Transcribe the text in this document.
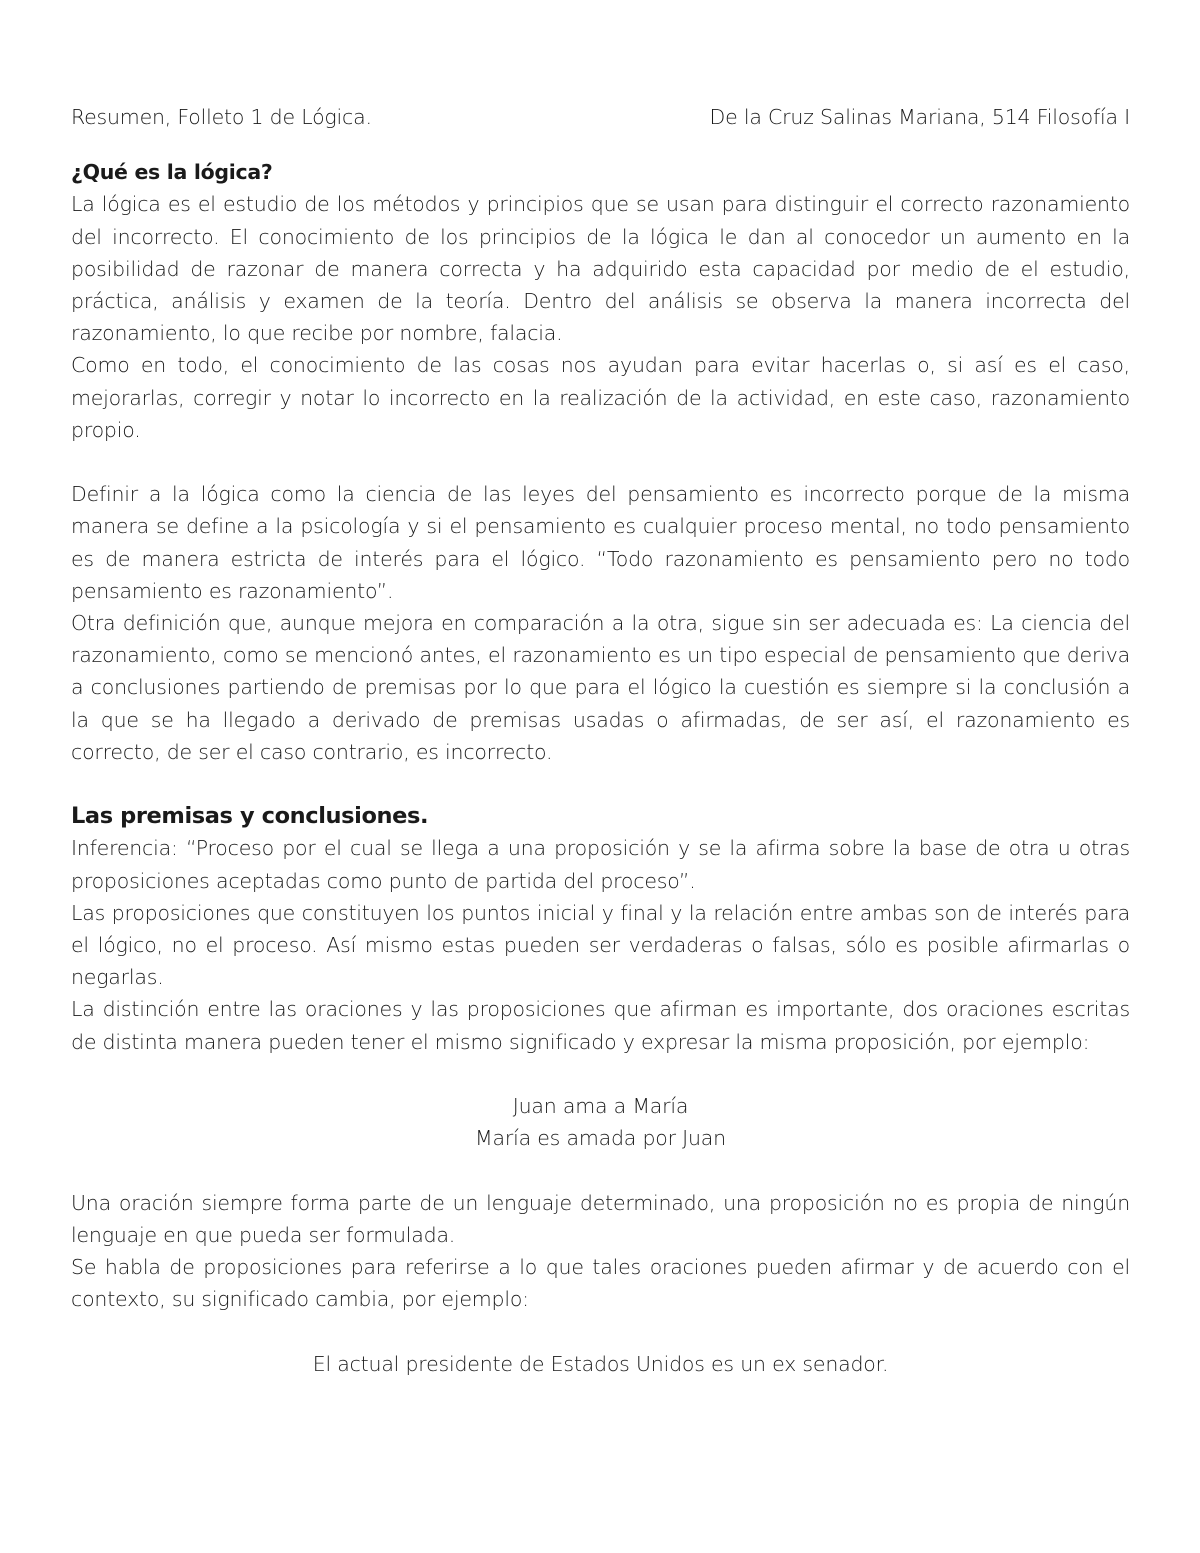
Resumen, Folleto 1 de Lógica.	De la Cruz Salinas Mariana, 514 Filosofía I
¿Qué es la lógica?

La lógica es el estudio de los métodos y principios que se usan para distinguir el correcto razonamiento del incorrecto. El conocimiento de los principios de la lógica le dan al conocedor un aumento en la posibilidad de razonar de manera correcta y ha adquirido esta capacidad por medio de el estudio, práctica, análisis y examen de la teoría. Dentro del análisis se observa la manera incorrecta del razonamiento, lo que recibe por nombre, falacia.

Como en todo, el conocimiento de las cosas nos ayudan para evitar hacerlas o, si así es el caso, mejorarlas, corregir y notar lo incorrecto en la realización de la actividad, en este caso, razonamiento propio.

Definir a la lógica como la ciencia de las leyes del pensamiento es incorrecto porque de la misma manera se define a la psicología y si el pensamiento es cualquier proceso mental, no todo pensamiento es de manera estricta de interés para el lógico. “Todo razonamiento es pensamiento pero no todo pensamiento es razonamiento”.

Otra definición que, aunque mejora en comparación a la otra, sigue sin ser adecuada es: La ciencia del razonamiento, como se mencionó antes, el razonamiento es un tipo especial de pensamiento que deriva a conclusiones partiendo de premisas por lo que para el lógico la cuestión es siempre si la conclusión a la que se ha llegado a derivado de premisas usadas o afirmadas, de ser así, el razonamiento es correcto, de ser el caso contrario, es incorrecto.

Las premisas y conclusiones.

Inferencia: “Proceso por el cual se llega a una proposición y se la afirma sobre la base de otra u otras proposiciones aceptadas como punto de partida del proceso”.

Las proposiciones que constituyen los puntos inicial y final y la relación entre ambas son de interés para el lógico, no el proceso. Así mismo estas pueden ser verdaderas o falsas, sólo es posible afirmarlas o negarlas.

La distinción entre las oraciones y las proposiciones que afirman es importante, dos oraciones escritas de distinta manera pueden tener el mismo significado y expresar la misma proposición, por ejemplo:

Juan ama a María
María es amada por Juan

Una oración siempre forma parte de un lenguaje determinado, una proposición no es propia de ningún lenguaje en que pueda ser formulada.

Se habla de proposiciones para referirse a lo que tales oraciones pueden afirmar y de acuerdo con el contexto, su significado cambia, por ejemplo:

El actual presidente de Estados Unidos es un ex senador.
